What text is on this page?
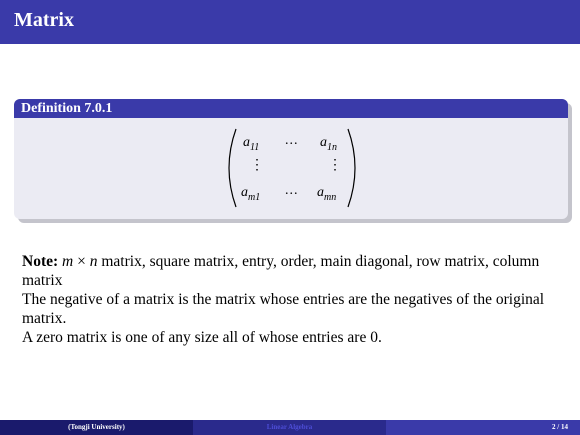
Matrix
Definition 7.0.1
$a_{11}$ ... $a_{1n}$
⋮	⋮
$a_{m1}$ ... $a_{mn}$

Note: m × n matrix, square matrix, entry, order, main diagonal, row matrix, column matrix

The negative of a matrix is the matrix whose entries are the negatives of the original matrix.

A zero matrix is one of any size all of whose entries are 0.

(Tongji University)	Linear Algebra	2 / 14
